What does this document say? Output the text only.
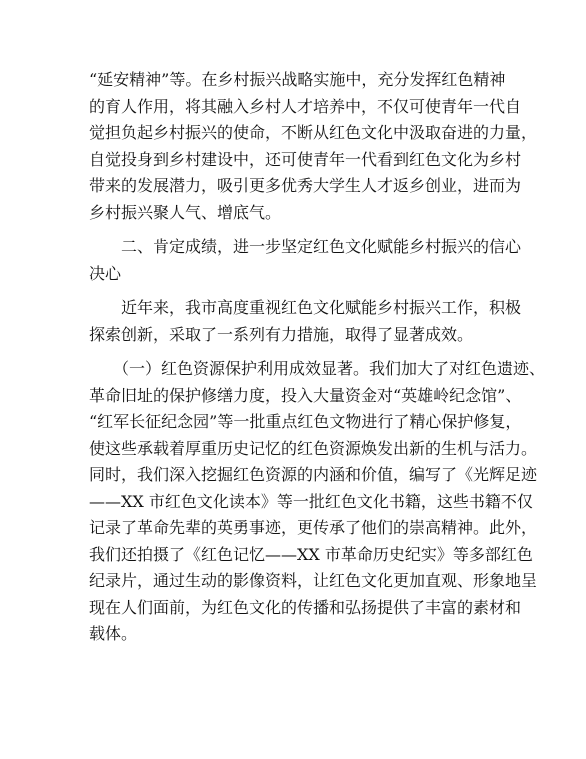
“延安精神”等。在乡村振兴战略实施中，充分发挥红色精神
的育人作用，将其融入乡村人才培养中，不仅可使青年一代自
觉担负起乡村振兴的使命，不断从红色文化中汲取奋进的力量，
自觉投身到乡村建设中，还可使青年一代看到红色文化为乡村
带来的发展潜力，吸引更多优秀大学生人才返乡创业，进而为
乡村振兴聚人气、增底气。
　　二、肯定成绩，进一步坚定红色文化赋能乡村振兴的信心
决心
　　近年来，我市高度重视红色文化赋能乡村振兴工作，积极
探索创新，采取了一系列有力措施，取得了显著成效。
　　（一）红色资源保护利用成效显著。我们加大了对红色遗迹、
革命旧址的保护修缮力度，投入大量资金对“英雄岭纪念馆”、
“红军长征纪念园”等一批重点红色文物进行了精心保护修复，
使这些承载着厚重历史记忆的红色资源焕发出新的生机与活力。
同时，我们深入挖掘红色资源的内涵和价值，编写了《光辉足迹
——XX 市红色文化读本》等一批红色文化书籍，这些书籍不仅
记录了革命先辈的英勇事迹，更传承了他们的崇高精神。此外，
我们还拍摄了《红色记忆——XX 市革命历史纪实》等多部红色
纪录片，通过生动的影像资料，让红色文化更加直观、形象地呈
现在人们面前，为红色文化的传播和弘扬提供了丰富的素材和
载体。
